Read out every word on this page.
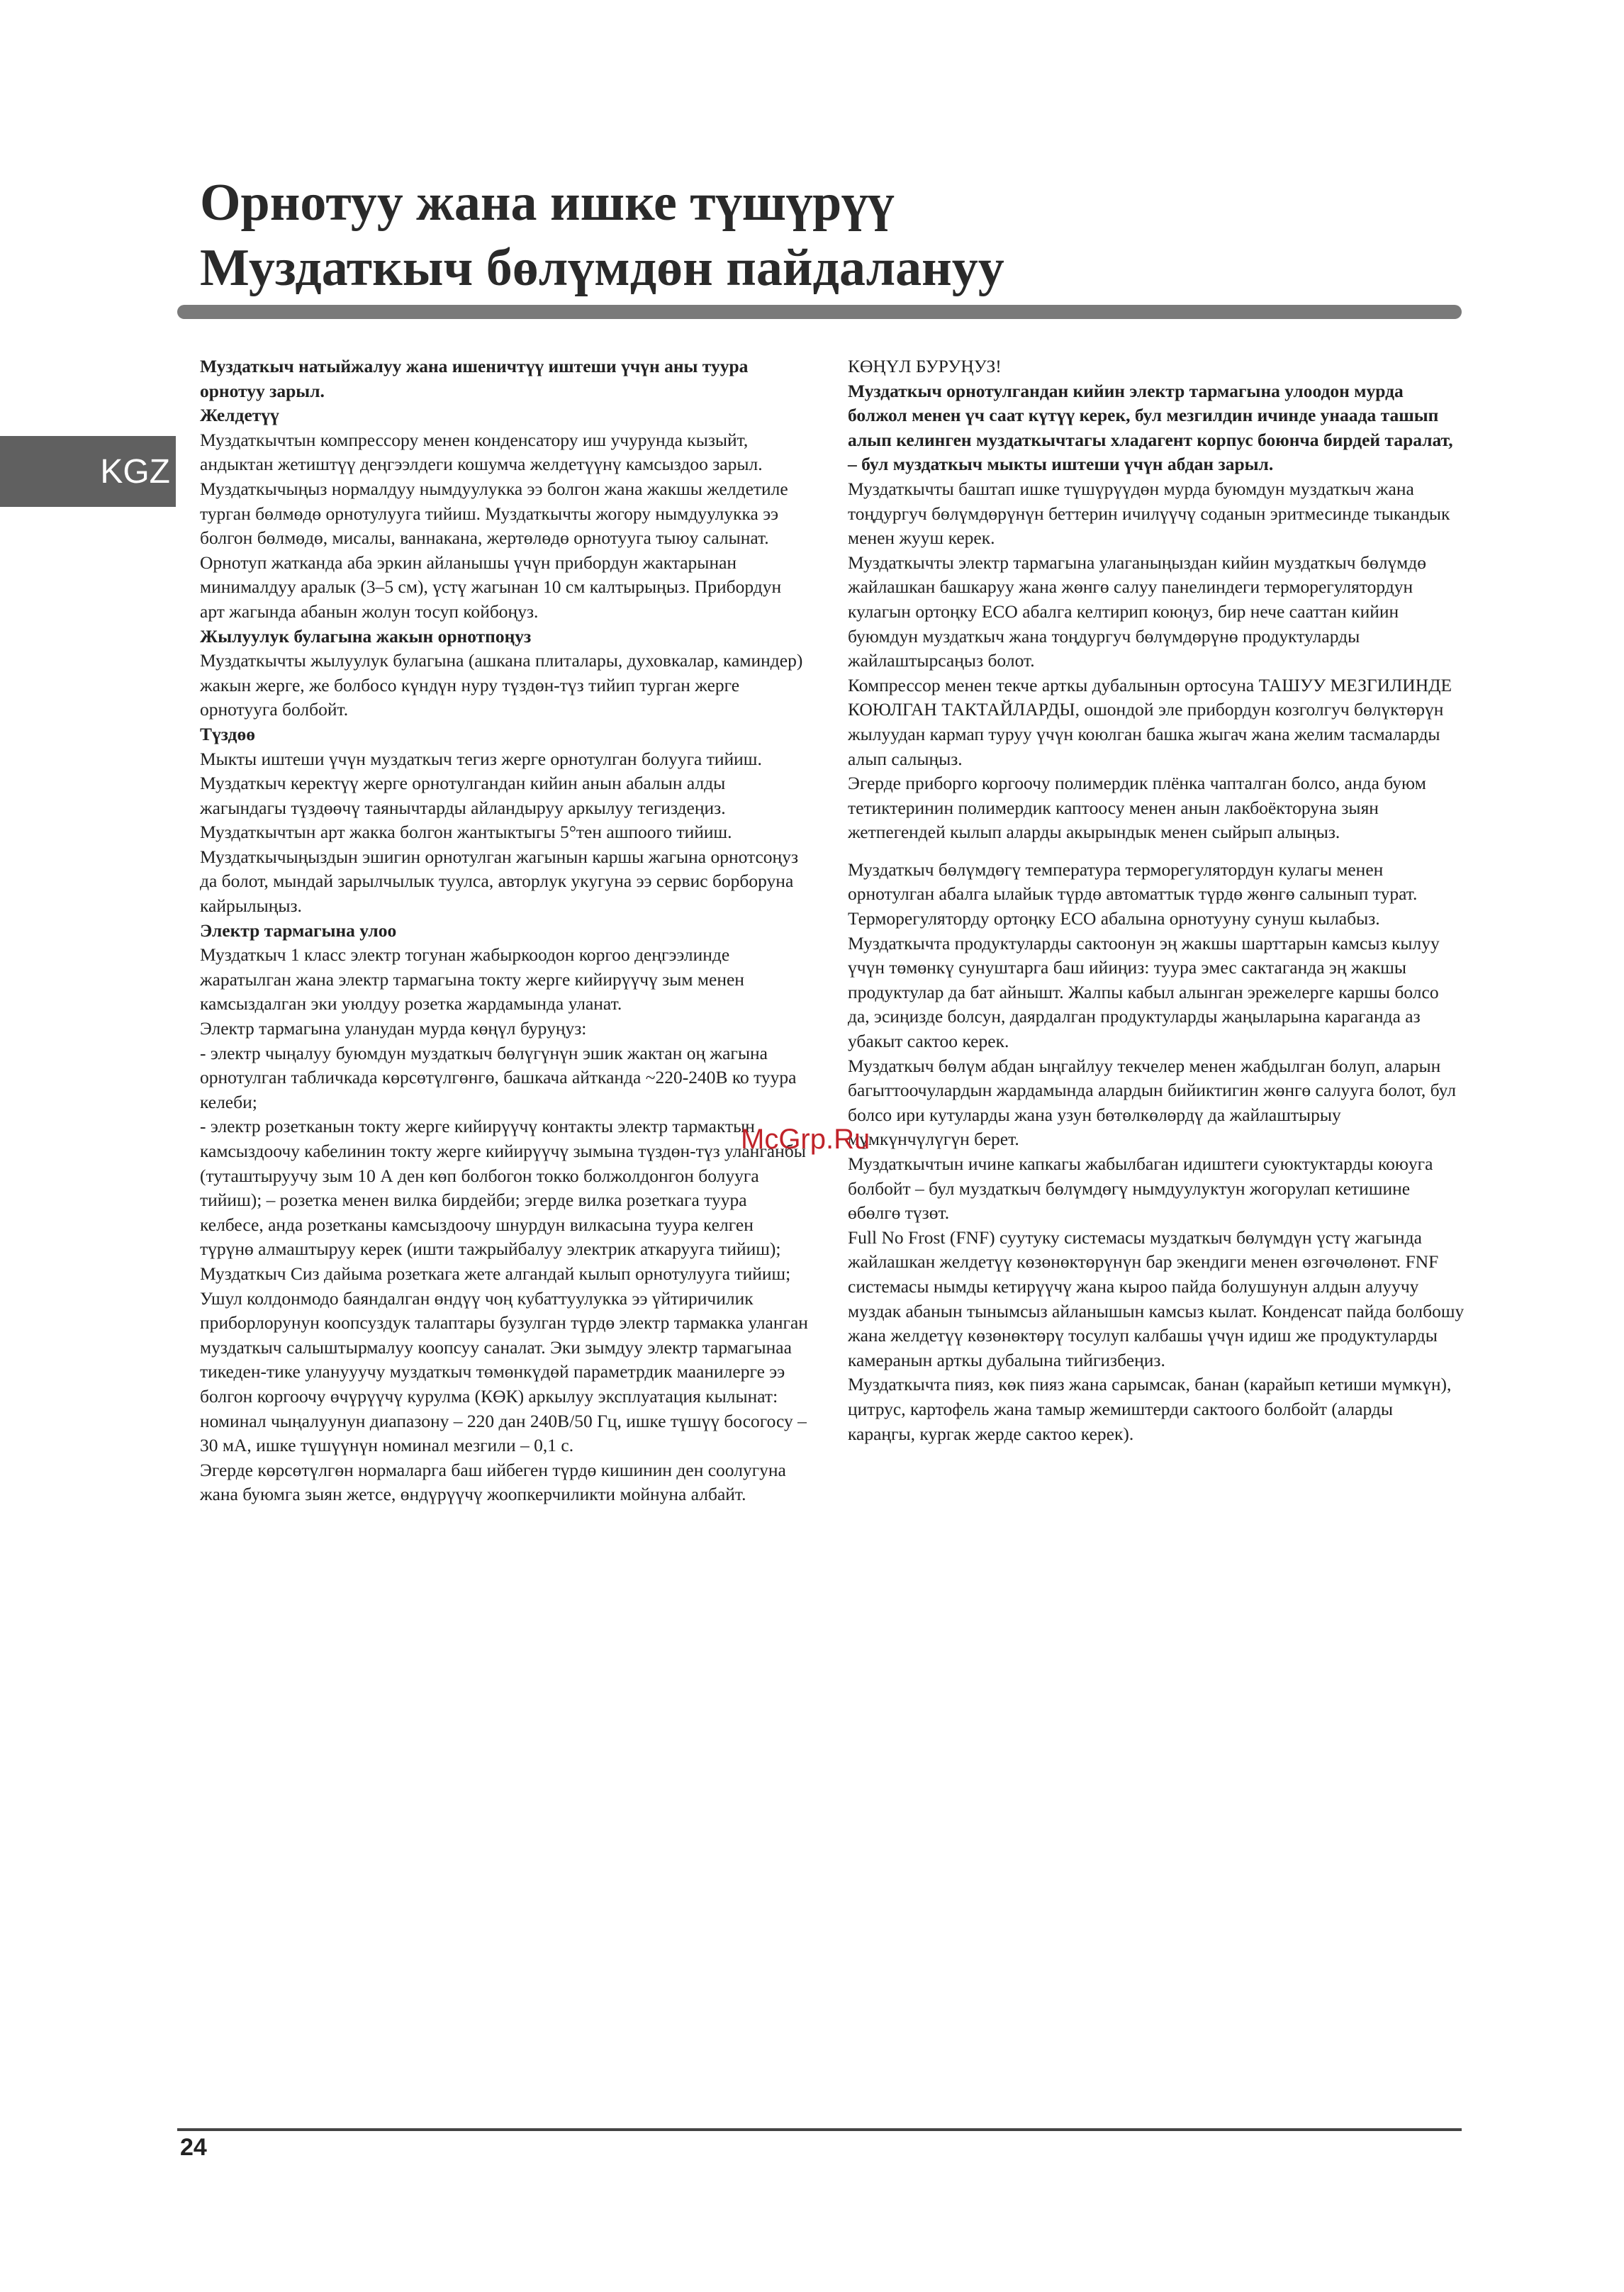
Орнотуу жана ишке түшүрүү
Муздаткыч бөлүмдөн пайдалануу
KGZ

Муздаткыч натыйжалуу жана ишеничтүү иштеши үчүн аны туура орнотуу зарыл.

Желдетүү

Муздаткычтын компрессору менен конденсатору иш учурунда кызыйт, андыктан жетиштүү деңгээлдеги кошумча желдетүүнү камсыздоо зарыл. Муздаткычыңыз нормалдуу нымдуулукка ээ болгон жана жакшы желдетиле турган бөлмөдө орнотулууга тийиш. Муздаткычты жогору нымдуулукка ээ болгон бөлмөдө, мисалы, ваннакана, жертөлөдө орнотууга тыюу салынат.

Орнотуп жатканда аба эркин айланышы үчүн прибордун жактарынан минималдуу аралык (3–5 см), үстү жагынан 10 см калтырыңыз. Прибордун арт жагында абанын жолун тосуп койбоңуз.

Жылуулук булагына жакын орнотпоңуз

Муздаткычты жылуулук булагына (ашкана плиталары, духовкалар, каминдер) жакын жерге, же болбосо күндүн нуру түздөн-түз тийип турган жерге орнотууга болбойт.

Түздөө

Мыкты иштеши үчүн муздаткыч тегиз жерге орнотулган болууга тийиш. Муздаткыч керектүү жерге орнотулгандан кийин анын абалын алды жагындагы түздөөчү таянычтарды айландыруу аркылуу тегиздеңиз. Муздаткычтын арт жакка болгон жантыктыгы 5°тен ашпоого тийиш.

Муздаткычыңыздын эшигин орнотулган жагынын каршы жагына орнотсоңуз да болот, мындай зарылчылык туулса, авторлук укугуна ээ сервис борборуна кайрылыңыз.

Электр тармагына улоо

Муздаткыч 1 класс электр тогунан жабыркоодон коргоо деңгээлинде жаратылган жана электр тармагына токту жерге кийирүүчү зым менен камсыздалган эки уюлдуу розетка жардамында уланат.

Электр тармагына уланудан мурда көңүл буруңуз:

- электр чыңалуу буюмдун муздаткыч бөлүгүнүн эшик жактан оң жагына орнотулган табличкада көрсөтүлгөнгө, башкача айтканда ~220-240В ко туура келеби;

- электр розетканын токту жерге кийирүүчү контакты электр тармактын камсыздоочу кабелинин токту жерге кийирүүчү зымына түздөн-түз уланганбы (туташтыруучу зым 10 А ден көп болбогон токко болжолдонгон болууга тийиш); – розетка менен вилка бирдейби; эгерде вилка розеткага туура келбесе, анда розетканы камсыздоочу шнурдун вилкасына туура келген түрүнө алмаштыруу керек (ишти тажрыйбалуу электрик аткарууга тийиш);

Муздаткыч Сиз дайыма розеткага жете алгандай кылып орнотулууга тийиш;

Ушул колдонмодо баяндалган өндүү чоң кубаттуулукка ээ үйтиричилик приборлорунун коопсуздук талаптары бузулган түрдө электр тармакка уланган муздаткыч салыштырмалуу коопсуу саналат. Эки зымдуу электр тармагынаа тикеден-тике уланууучу муздаткыч төмөнкүдөй параметрдик маанилерге ээ болгон коргоочу өчүрүүчү курулма (КӨК) аркылуу эксплуатация кылынат:

номинал чыңалуунун диапазону – 220 дан 240В/50 Гц, ишке түшүү босогосу – 30 мА, ишке түшүүнүн номинал мезгили – 0,1 с.

Эгерде көрсөтүлгөн нормаларга баш ийбеген түрдө кишинин ден соолугуна жана буюмга зыян жетсе, өндүрүүчү жоопкерчиликти мойнуна албайт.

КӨҢҮЛ БУРУҢУЗ!

Муздаткыч орнотулгандан кийин электр тармагына улоодон мурда болжол менен үч саат күтүү керек, бул мезгилдин ичинде унаада ташып алып келинген муздаткычтагы хладагент корпус боюнча бирдей таралат, – бул муздаткыч мыкты иштеши үчүн абдан зарыл.

Муздаткычты баштап ишке түшүрүүдөн мурда буюмдун муздаткыч жана тоңдургуч бөлүмдөрүнүн беттерин ичилүүчү соданын эритмесинде тыкандык менен жууш керек.

Муздаткычты электр тармагына улаганыңыздан кийин муздаткыч бөлүмдө жайлашкан башкаруу жана жөнгө салуу панелиндеги терморегулятордун кулагын ортоңку ECO абалга келтирип коюңуз, бир нече сааттан кийин буюмдун муздаткыч жана тоңдургуч бөлүмдөрүнө продуктуларды жайлаштырсаңыз болот.

Компрессор менен текче арткы дубалынын ортосуна ТАШУУ МЕЗГИЛИНДЕ КОЮЛГАН ТАКТАЙЛАРДЫ, ошондой эле прибордун козголгуч бөлүктөрүн жылуудан кармап туруу үчүн коюлган башка жыгач жана желим тасмаларды алып салыңыз.

Эгерде приборго коргоочу полимердик плёнка чапталган болсо, анда буюм тетиктеринин полимердик каптоосу менен анын лакбоёкторуна зыян жетпегендей кылып аларды акырындык менен сыйрып алыңыз.

Муздаткыч бөлүмдөгү температура терморегулятордун кулагы менен орнотулган абалга ылайык түрдө автоматтык түрдө жөнгө салынып турат.

Терморегуляторду ортоңку ECO абалына орнотууну сунуш кылабыз.

Муздаткычта продуктуларды сактоонун эң жакшы шарттарын камсыз кылуу үчүн төмөнкү сунуштарга баш ийиңиз: туура эмес сактаганда эң жакшы продуктулар да бат айнышт. Жалпы кабыл алынган эрежелерге каршы болсо да, эсиңизде болсун, даярдалган продуктуларды жаңыларына караганда аз убакыт сактоо керек.

Муздаткыч бөлүм абдан ыңгайлуу текчелер менен жабдылган болуп, аларын багыттоочулардын жардамында алардын бийиктигин жөнгө салууга болот, бул болсо ири кутуларды жана узун бөтөлкөлөрдү да жайлаштырыу мүмкүнчүлүгүн берет.

Муздаткычтын ичине капкагы жабылбаган идиштеги суюктуктарды коюуга болбойт – бул муздаткыч бөлүмдөгү нымдуулуктун жогорулап кетишине өбөлгө түзөт.

Full No Frost (FNF) суутуку системасы муздаткыч бөлүмдүн үстү жагында жайлашкан желдетүү көзөнөктөрүнүн бар экендиги менен өзгөчөлөнөт. FNF системасы нымды кетирүүчү жана кыроо пайда болушунун алдын алуучу муздак абанын тынымсыз айланышын камсыз кылат. Конденсат пайда болбошу жана желдетүү көзөнөктөрү тосулуп калбашы үчүн идиш же продуктуларды камеранын арткы дубалына тийгизбеңиз.

Муздаткычта пияз, көк пияз жана сарымсак, банан (карайып кетиши мүмкүн), цитрус, картофель жана тамыр жемиштерди сактоого болбойт (аларды караңгы, кургак жерде сактоо керек).

McGrp.Ru
24
